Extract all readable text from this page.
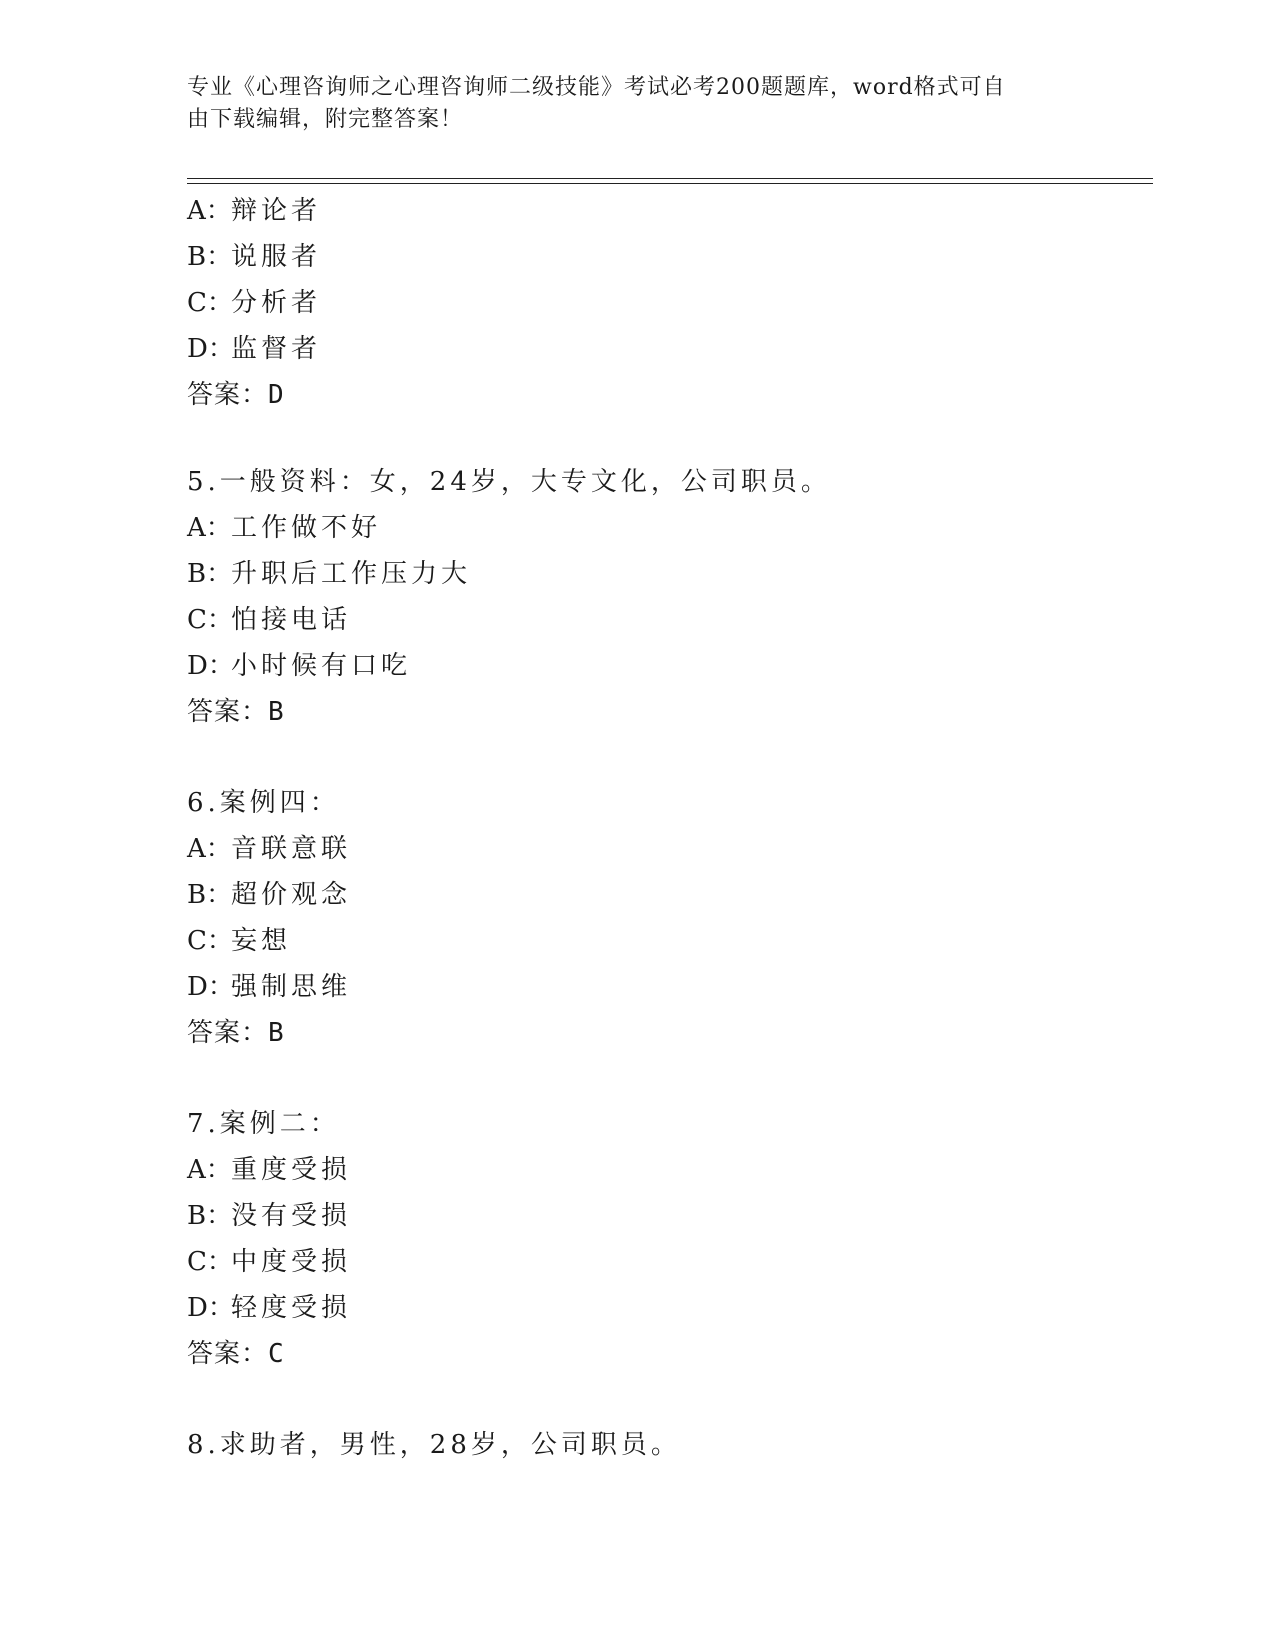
专业《心理咨询师之心理咨询师二级技能》考试必考200题题库，word格式可自
由下载编辑，附完整答案！
A：辩论者
B：说服者
C：分析者
D：监督者
答案：D
5.一般资料：女，24岁，大专文化，公司职员。
A：工作做不好
B：升职后工作压力大
C：怕接电话
D：小时候有口吃
答案：B
6.案例四：
A：音联意联
B：超价观念
C：妄想
D：强制思维
答案：B
7.案例二：
A：重度受损
B：没有受损
C：中度受损
D：轻度受损
答案：C
8.求助者，男性，28岁，公司职员。
